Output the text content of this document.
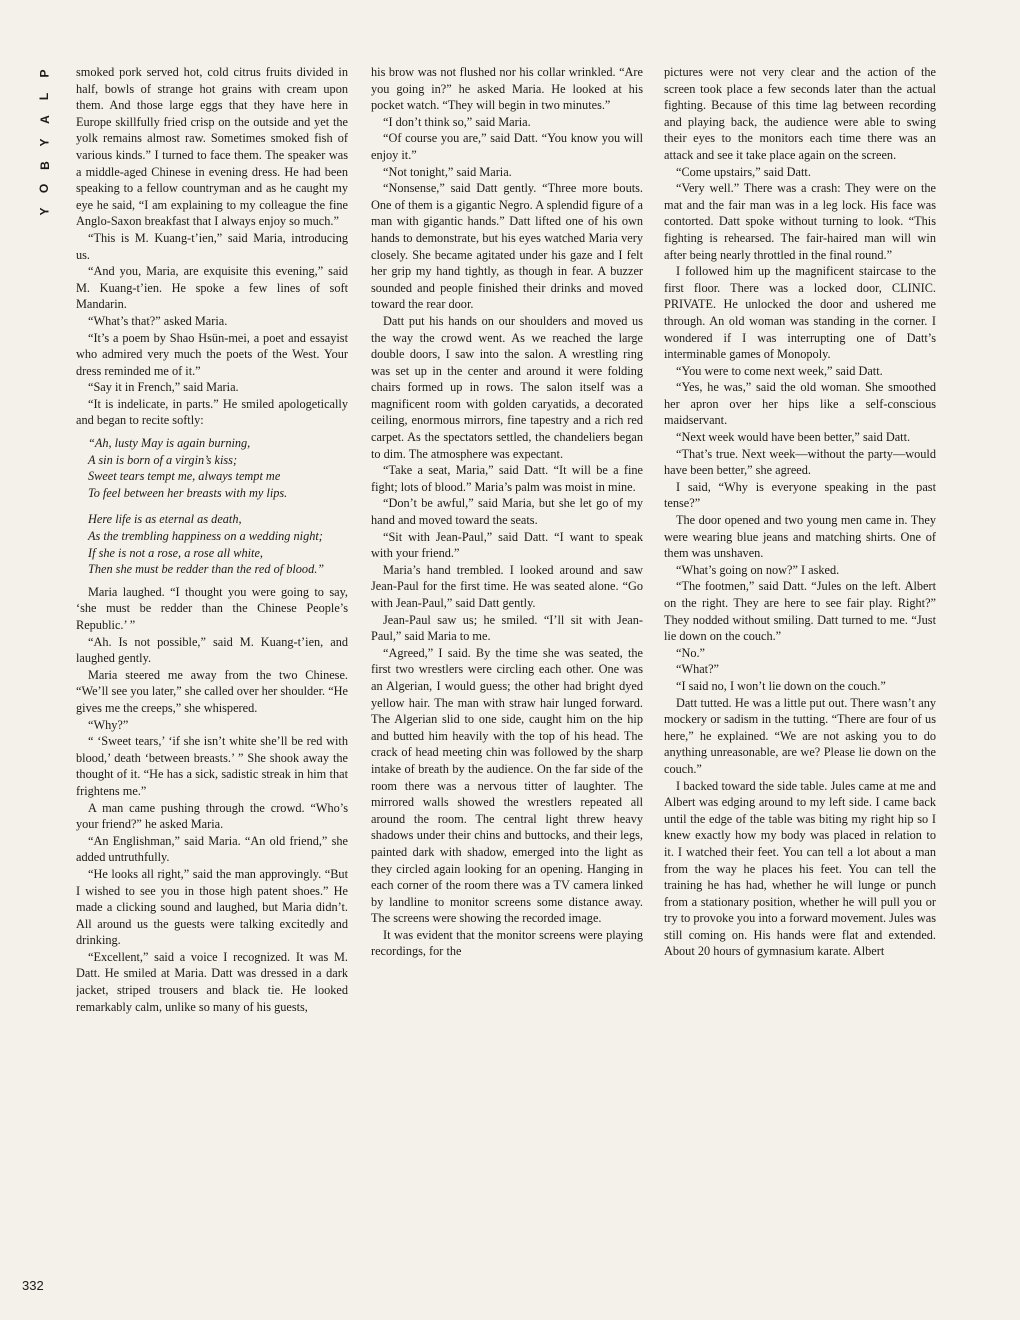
P
L
A
Y
B
O
Y
332

smoked pork served hot, cold citrus fruits divided in half, bowls of strange hot grains with cream upon them. And those large eggs that they have here in Europe skillfully fried crisp on the outside and yet the yolk remains almost raw. Sometimes smoked fish of various kinds.” I turned to face them. The speaker was a middle-aged Chinese in evening dress. He had been speaking to a fellow countryman and as he caught my eye he said, “I am explaining to my colleague the fine Anglo-Saxon breakfast that I always enjoy so much.”

“This is M. Kuang-t’ien,” said Maria, introducing us.

“And you, Maria, are exquisite this evening,” said M. Kuang-t’ien. He spoke a few lines of soft Mandarin.

“What’s that?” asked Maria.

“It’s a poem by Shao Hsün-mei, a poet and essayist who admired very much the poets of the West. Your dress reminded me of it.”

“Say it in French,” said Maria.

“It is indelicate, in parts.” He smiled apologetically and began to recite softly:

“Ah, lusty May is again burning,
A sin is born of a virgin’s kiss;
Sweet tears tempt me, always tempt me
To feel between her breasts with my lips.
Here life is as eternal as death,
As the trembling happiness on a wedding night;
If she is not a rose, a rose all white,
Then she must be redder than the red of blood.”

Maria laughed. “I thought you were going to say, ‘she must be redder than the Chinese People’s Republic.’ ”

“Ah. Is not possible,” said M. Kuang-t’ien, and laughed gently.

Maria steered me away from the two Chinese. “We’ll see you later,” she called over her shoulder. “He gives me the creeps,” she whispered.

“Why?”

“ ‘Sweet tears,’ ‘if she isn’t white she’ll be red with blood,’ death ‘between breasts.’ ” She shook away the thought of it. “He has a sick, sadistic streak in him that frightens me.”

A man came pushing through the crowd. “Who’s your friend?” he asked Maria.

“An Englishman,” said Maria. “An old friend,” she added untruthfully.

“He looks all right,” said the man approvingly. “But I wished to see you in those high patent shoes.” He made a clicking sound and laughed, but Maria didn’t. All around us the guests were talking excitedly and drinking.

“Excellent,” said a voice I recognized. It was M. Datt. He smiled at Maria. Datt was dressed in a dark jacket, striped trousers and black tie. He looked remarkably calm, unlike so many of his guests,

his brow was not flushed nor his collar wrinkled. “Are you going in?” he asked Maria. He looked at his pocket watch. “They will begin in two minutes.”

“I don’t think so,” said Maria.

“Of course you are,” said Datt. “You know you will enjoy it.”

“Not tonight,” said Maria.

“Nonsense,” said Datt gently. “Three more bouts. One of them is a gigantic Negro. A splendid figure of a man with gigantic hands.” Datt lifted one of his own hands to demonstrate, but his eyes watched Maria very closely. She became agitated under his gaze and I felt her grip my hand tightly, as though in fear. A buzzer sounded and people finished their drinks and moved toward the rear door.

Datt put his hands on our shoulders and moved us the way the crowd went. As we reached the large double doors, I saw into the salon. A wrestling ring was set up in the center and around it were folding chairs formed up in rows. The salon itself was a magnificent room with golden caryatids, a decorated ceiling, enormous mirrors, fine tapestry and a rich red carpet. As the spectators settled, the chandeliers began to dim. The atmosphere was expectant.

“Take a seat, Maria,” said Datt. “It will be a fine fight; lots of blood.” Maria’s palm was moist in mine.

“Don’t be awful,” said Maria, but she let go of my hand and moved toward the seats.

“Sit with Jean-Paul,” said Datt. “I want to speak with your friend.”

Maria’s hand trembled. I looked around and saw Jean-Paul for the first time. He was seated alone. “Go with Jean-Paul,” said Datt gently.

Jean-Paul saw us; he smiled. “I’ll sit with Jean-Paul,” said Maria to me.

“Agreed,” I said. By the time she was seated, the first two wrestlers were circling each other. One was an Algerian, I would guess; the other had bright dyed yellow hair. The man with straw hair lunged forward. The Algerian slid to one side, caught him on the hip and butted him heavily with the top of his head. The crack of head meeting chin was followed by the sharp intake of breath by the audience. On the far side of the room there was a nervous titter of laughter. The mirrored walls showed the wrestlers repeated all around the room. The central light threw heavy shadows under their chins and buttocks, and their legs, painted dark with shadow, emerged into the light as they circled again looking for an opening. Hanging in each corner of the room there was a TV camera linked by landline to monitor screens some distance away. The screens were showing the recorded image.

It was evident that the monitor screens were playing recordings, for the

pictures were not very clear and the action of the screen took place a few seconds later than the actual fighting. Because of this time lag between recording and playing back, the audience were able to swing their eyes to the monitors each time there was an attack and see it take place again on the screen.

“Come upstairs,” said Datt.

“Very well.” There was a crash: They were on the mat and the fair man was in a leg lock. His face was contorted. Datt spoke without turning to look. “This fighting is rehearsed. The fair-haired man will win after being nearly throttled in the final round.”

I followed him up the magnificent staircase to the first floor. There was a locked door, CLINIC. PRIVATE. He unlocked the door and ushered me through. An old woman was standing in the corner. I wondered if I was interrupting one of Datt’s interminable games of Monopoly.

“You were to come next week,” said Datt.

“Yes, he was,” said the old woman. She smoothed her apron over her hips like a self-conscious maidservant.

“Next week would have been better,” said Datt.

“That’s true. Next week—without the party—would have been better,” she agreed.

I said, “Why is everyone speaking in the past tense?”

The door opened and two young men came in. They were wearing blue jeans and matching shirts. One of them was unshaven.

“What’s going on now?” I asked.

“The footmen,” said Datt. “Jules on the left. Albert on the right. They are here to see fair play. Right?” They nodded without smiling. Datt turned to me. “Just lie down on the couch.”

“No.”

“What?”

“I said no, I won’t lie down on the couch.”

Datt tutted. He was a little put out. There wasn’t any mockery or sadism in the tutting. “There are four of us here,” he explained. “We are not asking you to do anything unreasonable, are we? Please lie down on the couch.”

I backed toward the side table. Jules came at me and Albert was edging around to my left side. I came back until the edge of the table was biting my right hip so I knew exactly how my body was placed in relation to it. I watched their feet. You can tell a lot about a man from the way he places his feet. You can tell the training he has had, whether he will lunge or punch from a stationary position, whether he will pull you or try to provoke you into a forward movement. Jules was still coming on. His hands were flat and extended. About 20 hours of gymnasium karate. Albert
